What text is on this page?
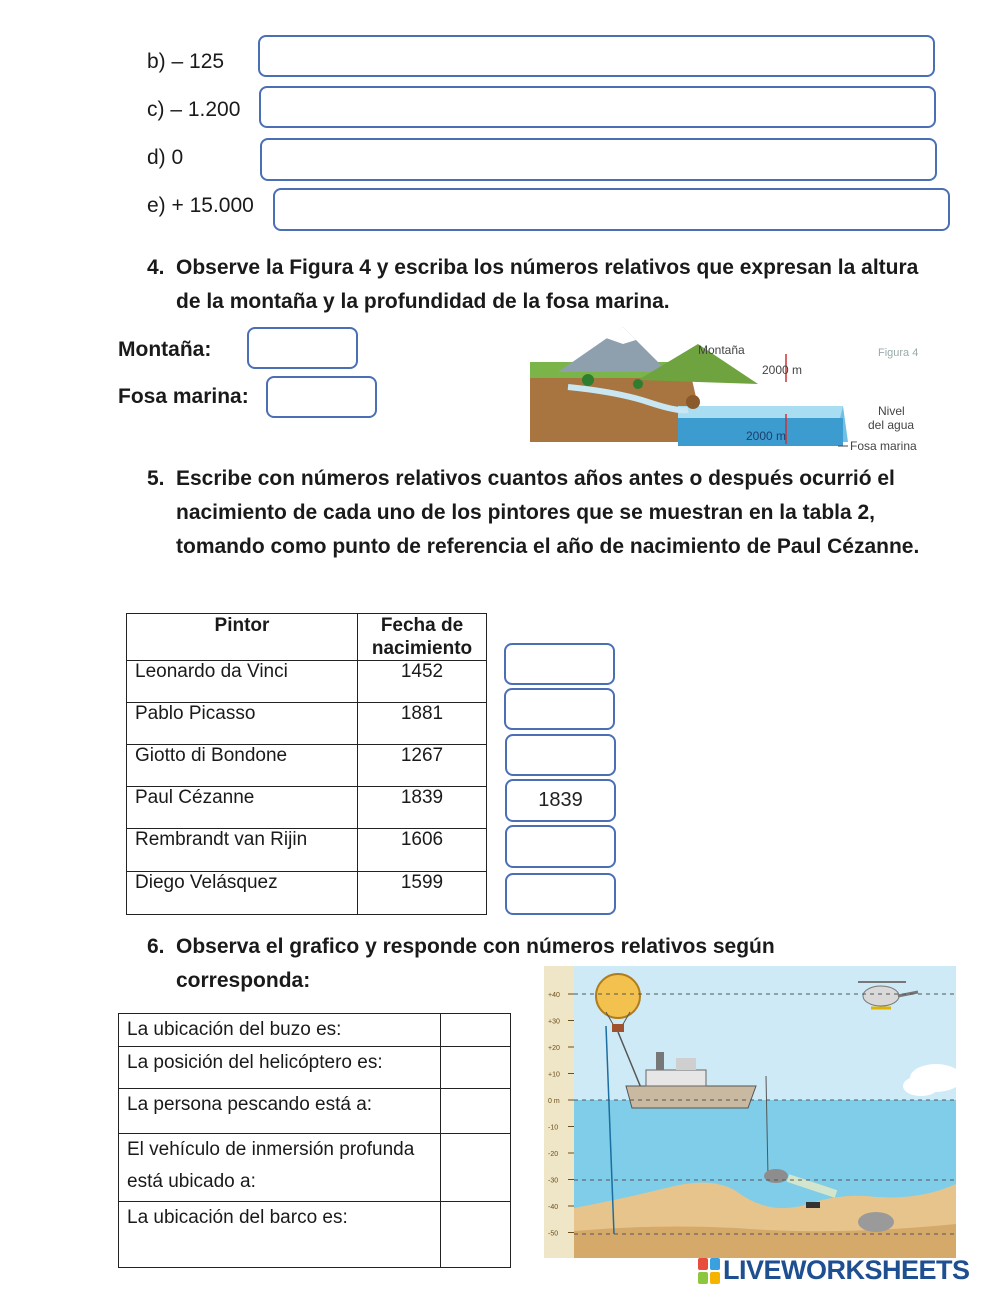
b) – 125
c) – 1.200
d) 0
e) + 15.000
4. Observe la Figura 4 y escriba los números relativos que expresan la altura de la montaña y la profundidad de la fosa marina.
Montaña:
Fosa marina:
Montaña
2000 m
2000 m
Figura 4
Nivel
del agua
Fosa marina
5. Escribe con números relativos cuantos años antes o después ocurrió el nacimiento de cada uno de los pintores que se muestran en la tabla 2, tomando como punto de referencia el año de nacimiento de Paul Cézanne.
Pintor	Fecha de nacimiento
Leonardo da Vinci	1452
Pablo Picasso	1881
Giotto di Bondone	1267
Paul Cézanne	1839
Rembrandt van Rijin	1606
Diego Velásquez	1599
1839
6. Observa el grafico y responde con números relativos según corresponda:
La ubicación del buzo es:	
La posición del helicóptero es:	
La persona pescando está a:	
El vehículo de inmersión profunda está ubicado a:	
La ubicación del barco es:	
+40
+30
+20
+10
0 m
-10
-20
-30
-40
-50
LIVEWORKSHEETS
